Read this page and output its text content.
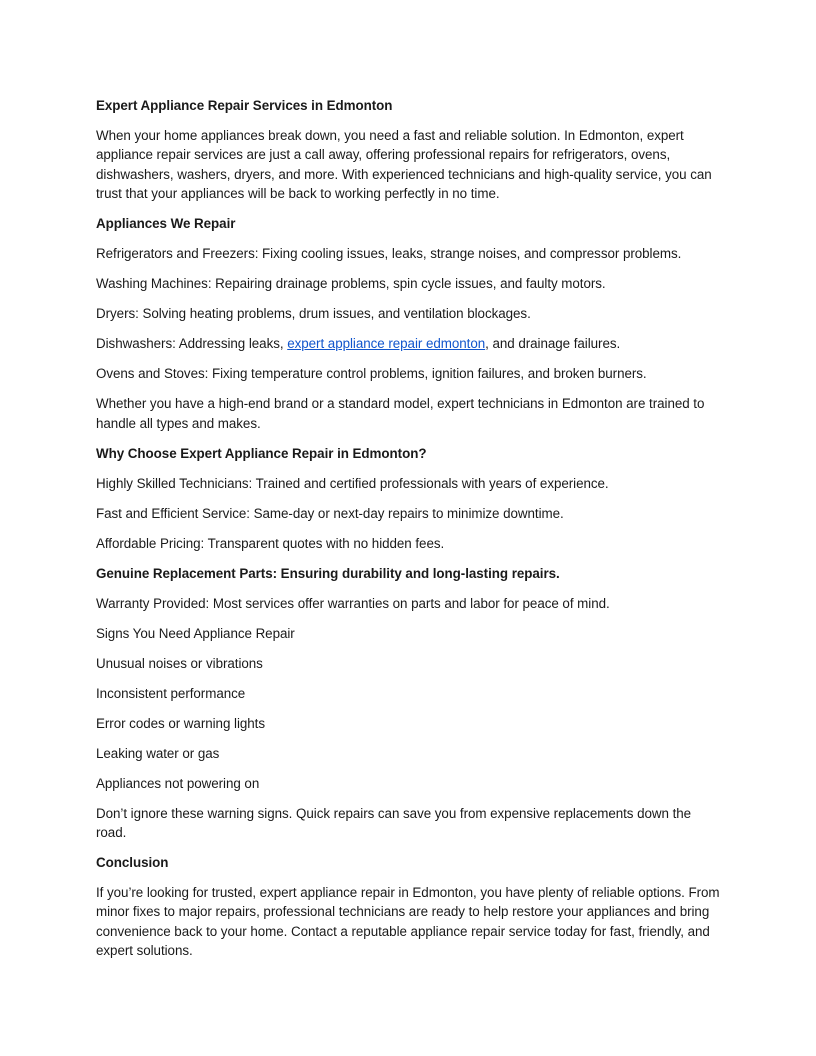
Expert Appliance Repair Services in Edmonton

When your home appliances break down, you need a fast and reliable solution. In Edmonton, expert appliance repair services are just a call away, offering professional repairs for refrigerators, ovens, dishwashers, washers, dryers, and more. With experienced technicians and high-quality service, you can trust that your appliances will be back to working perfectly in no time.

Appliances We Repair

Refrigerators and Freezers: Fixing cooling issues, leaks, strange noises, and compressor problems.

Washing Machines: Repairing drainage problems, spin cycle issues, and faulty motors.

Dryers: Solving heating problems, drum issues, and ventilation blockages.

Dishwashers: Addressing leaks, expert appliance repair edmonton, and drainage failures.

Ovens and Stoves: Fixing temperature control problems, ignition failures, and broken burners.

Whether you have a high-end brand or a standard model, expert technicians in Edmonton are trained to handle all types and makes.

Why Choose Expert Appliance Repair in Edmonton?

Highly Skilled Technicians: Trained and certified professionals with years of experience.

Fast and Efficient Service: Same-day or next-day repairs to minimize downtime.

Affordable Pricing: Transparent quotes with no hidden fees.

Genuine Replacement Parts: Ensuring durability and long-lasting repairs.

Warranty Provided: Most services offer warranties on parts and labor for peace of mind.

Signs You Need Appliance Repair

Unusual noises or vibrations

Inconsistent performance

Error codes or warning lights

Leaking water or gas

Appliances not powering on

Don’t ignore these warning signs. Quick repairs can save you from expensive replacements down the road.

Conclusion

If you’re looking for trusted, expert appliance repair in Edmonton, you have plenty of reliable options. From minor fixes to major repairs, professional technicians are ready to help restore your appliances and bring convenience back to your home. Contact a reputable appliance repair service today for fast, friendly, and expert solutions.
